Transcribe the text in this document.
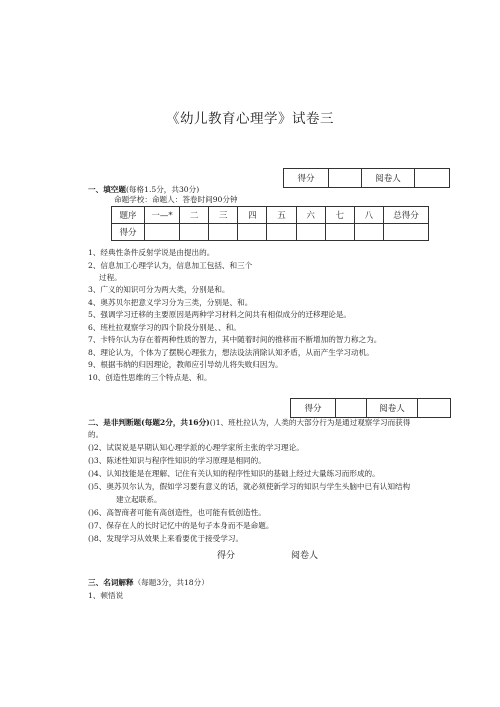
《幼儿教育心理学》试卷三
得分		阅卷人	
一、填空题(每格1.5分，共30分)
命题学校：命题人：答卷时间90分钟
题序	一—*	二	三	四	五	六	七	八	总得分
得分									
1、经典性条件反射学说是由提出的。
2、信息加工心理学认为，信息加工包括、和三个
过程。
3、广义的知识可分为两大类，分别是和。
4、奥苏贝尔把意义学习分为三类，分别是、和。
5、强调学习迁移的主要原因是两种学习材料之间共有相似成分的迁移理论是。
6、班杜拉观察学习的四个阶段分别是、、和。
7、卡特尔认为存在着两种性质的智力，其中随着时间的推移而不断增加的智力称之为。
8、理论认为，个体为了摆脱心理张力，想法设法消除认知矛盾，从而产生学习动机。
9、根据韦纳的归因理论，教师应引导幼儿将失败归因为。
10、创造性思维的三个特点是、和。
得分		阅卷人	
二、是非判断题(每题2分，共16分)()1、班杜拉认为，人类的大部分行为是通过观察学习而获得
的。
()2、试误说是早期认知心理学派的心理学家所主张的学习理论。
()3、陈述性知识与程序性知识的学习原理是相同的。
()4、认知技能是在理解、记住有关认知的程序性知识的基础上经过大量练习而形成的。
()5、奥苏贝尔认为，假如学习要有意义的话，就必须使新学习的知识与学生头脑中已有认知结构
建立起联系。
()6、高智商者可能有高创造性，也可能有低创造性。
()7、保存在人的长时记忆中的是句子本身而不是命题。
()8、发现学习从效果上来看要优于接受学习。
得分	阅卷人
三、名词解释（每题3分，共18分）
1、顿悟说
